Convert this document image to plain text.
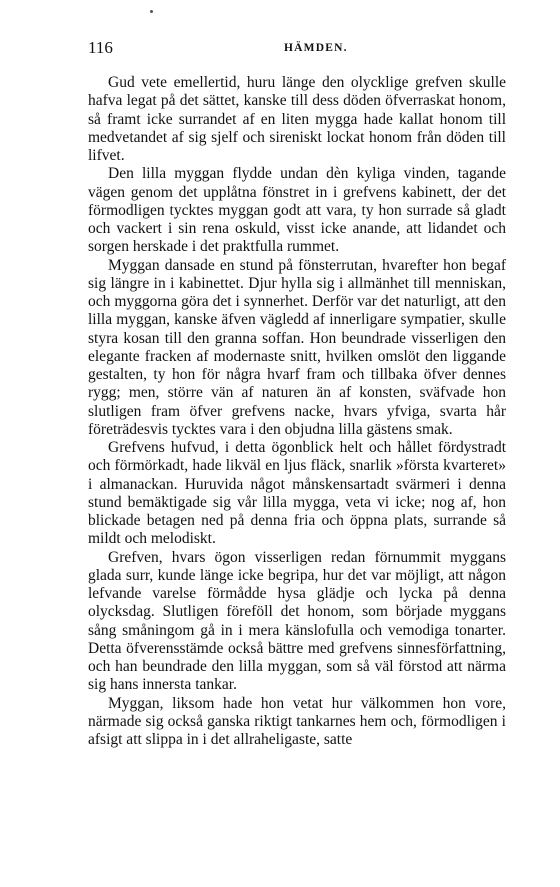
116	HÄMDEN.

Gud vete emellertid, huru länge den olycklige grefven skulle hafva legat på det sättet, kanske till dess döden öfverraskat honom, så framt icke surrandet af en liten mygga hade kallat honom till medvetandet af sig sjelf och sireniskt lockat honom från döden till lifvet.

Den lilla myggan flydde undan dèn kyliga vinden, tagande vägen genom det upplåtna fönstret in i grefvens kabinett, der det förmodligen tycktes myggan godt att vara, ty hon surrade så gladt och vackert i sin rena oskuld, visst icke anande, att lidandet och sorgen herskade i det praktfulla rummet.

Myggan dansade en stund på fönsterrutan, hvarefter hon begaf sig längre in i kabinettet. Djur hylla sig i allmänhet till menniskan, och myggorna göra det i synnerhet. Derför var det naturligt, att den lilla myggan, kanske äfven vägledd af innerligare sympatier, skulle styra kosan till den granna soffan. Hon beundrade visserligen den elegante fracken af modernaste snitt, hvilken omslöt den liggande gestalten, ty hon för några hvarf fram och tillbaka öfver dennes rygg; men, större vän af naturen än af konsten, sväfvade hon slutligen fram öfver grefvens nacke, hvars yfviga, svarta hår företrädesvis tycktes vara i den objudna lilla gästens smak.

Grefvens hufvud, i detta ögonblick helt och hållet fördystradt och förmörkadt, hade likväl en ljus fläck, snarlik »första kvarteret» i almanackan. Huruvida något månskensartadt svärmeri i denna stund bemäktigade sig vår lilla mygga, veta vi icke; nog af, hon blickade betagen ned på denna fria och öppna plats, surrande så mildt och melodiskt.

Grefven, hvars ögon visserligen redan förnummit myggans glada surr, kunde länge icke begripa, hur det var möjligt, att någon lefvande varelse förmådde hysa glädje och lycka på denna olycksdag. Slutligen föreföll det honom, som började myggans sång småningom gå in i mera känslofulla och vemodiga tonarter. Detta öfverensstämde också bättre med grefvens sinnesförfattning, och han beundrade den lilla myggan, som så väl förstod att närma sig hans innersta tankar.

Myggan, liksom hade hon vetat hur välkommen hon vore, närmade sig också ganska riktigt tankarnes hem och, förmodligen i afsigt att slippa in i det allraheligaste, satte
